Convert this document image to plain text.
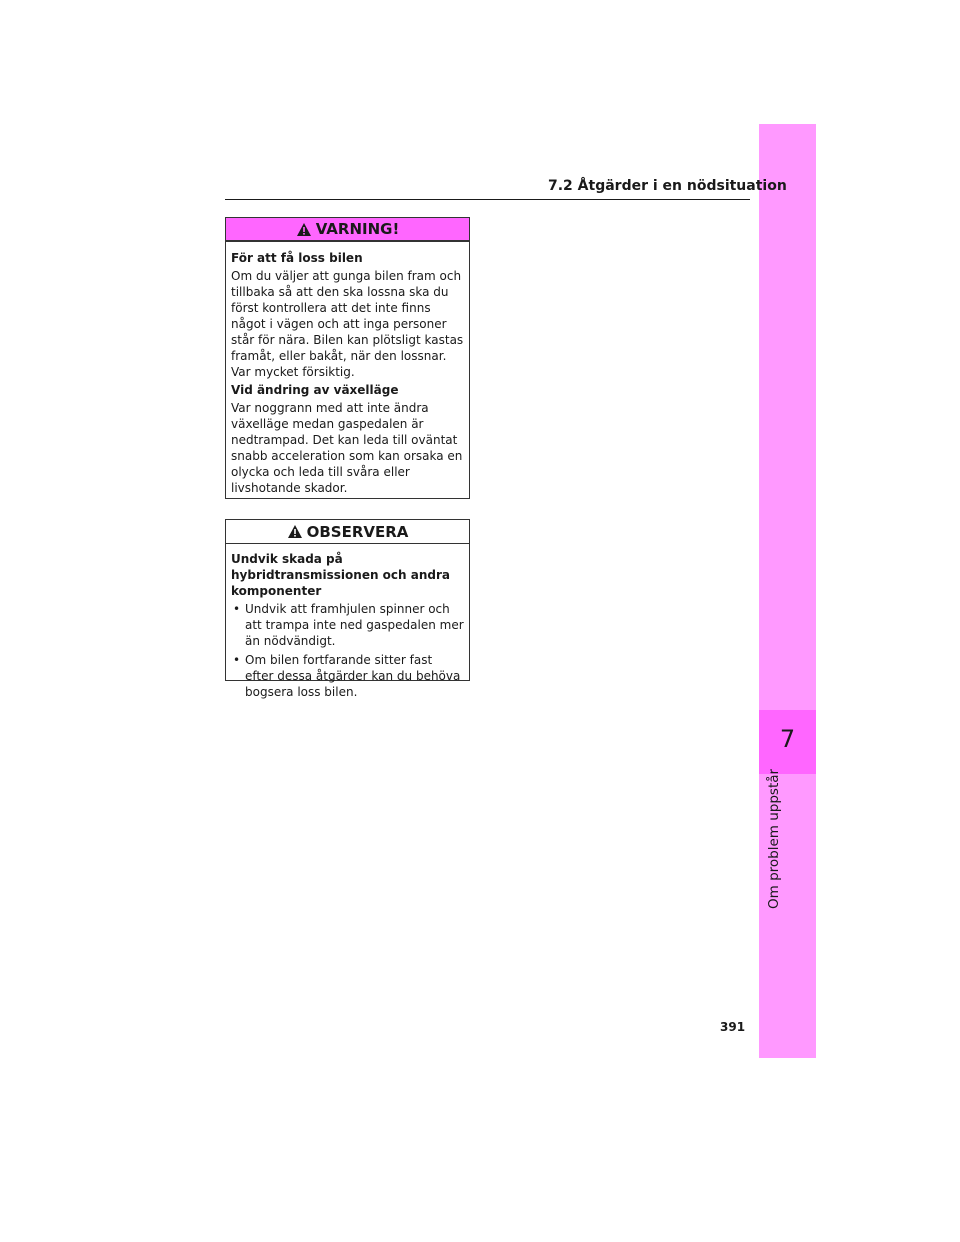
7
Om problem uppstår
7.2 Åtgärder i en nödsituation
VARNING!

För att få loss bilen

Om du väljer att gunga bilen fram och tillbaka så att den ska lossna ska du först kontrollera att det inte finns något i vägen och att inga personer står för nära. Bilen kan plötsligt kastas framåt, eller bakåt, när den lossnar. Var mycket försiktig.

Vid ändring av växelläge

Var noggrann med att inte ändra växelläge medan gaspedalen är nedtrampad. Det kan leda till oväntat snabb acceleration som kan orsaka en olycka och leda till svåra eller livshotande skador.

OBSERVERA

Undvik skada på hybridtransmissionen och andra komponenter

• Undvik att framhjulen spinner och att trampa inte ned gaspedalen mer än nödvändigt.
• Om bilen fortfarande sitter fast efter dessa åtgärder kan du behöva bogsera loss bilen.
391
